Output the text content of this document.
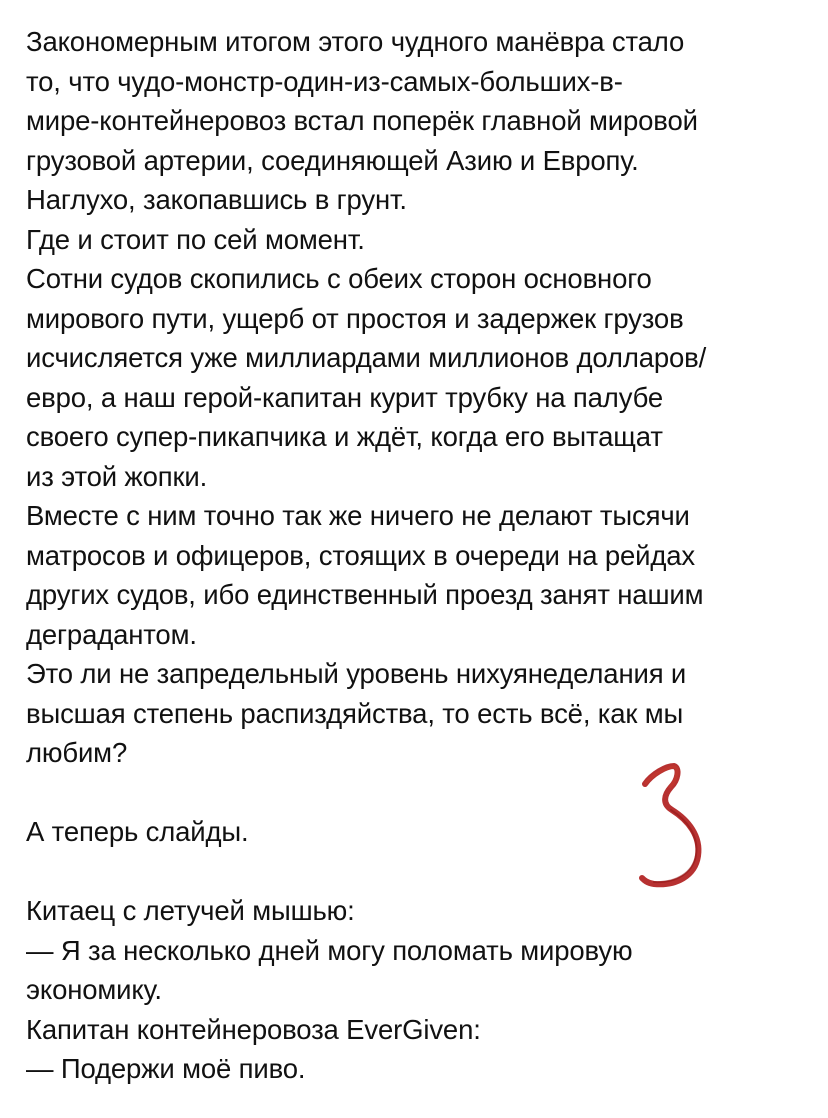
Закономерным итогом этого чудного манёвра стало
то, что чудо-монстр-один-из-самых-больших-в-
мире-контейнеровоз встал поперёк главной мировой
грузовой артерии, соединяющей Азию и Европу.
Наглухо, закопавшись в грунт.
Где и стоит по сей момент.
Сотни судов скопились с обеих сторон основного
мирового пути, ущерб от простоя и задержек грузов
исчисляется уже миллиардами миллионов долларов/
евро, а наш герой-капитан курит трубку на палубе
своего супер-пикапчика и ждёт, когда его вытащат
из этой жопки.
Вместе с ним точно так же ничего не делают тысячи
матросов и офицеров, стоящих в очереди на рейдах
других судов, ибо единственный проезд занят нашим
деградантом.
Это ли не запредельный уровень нихуянеделания и
высшая степень распиздяйства, то есть всё, как мы
любим?
А теперь слайды.
Китаец с летучей мышью:
— Я за несколько дней могу поломать мировую
экономику.
Капитан контейнеровоза EverGiven:
— Подержи моё пиво.
